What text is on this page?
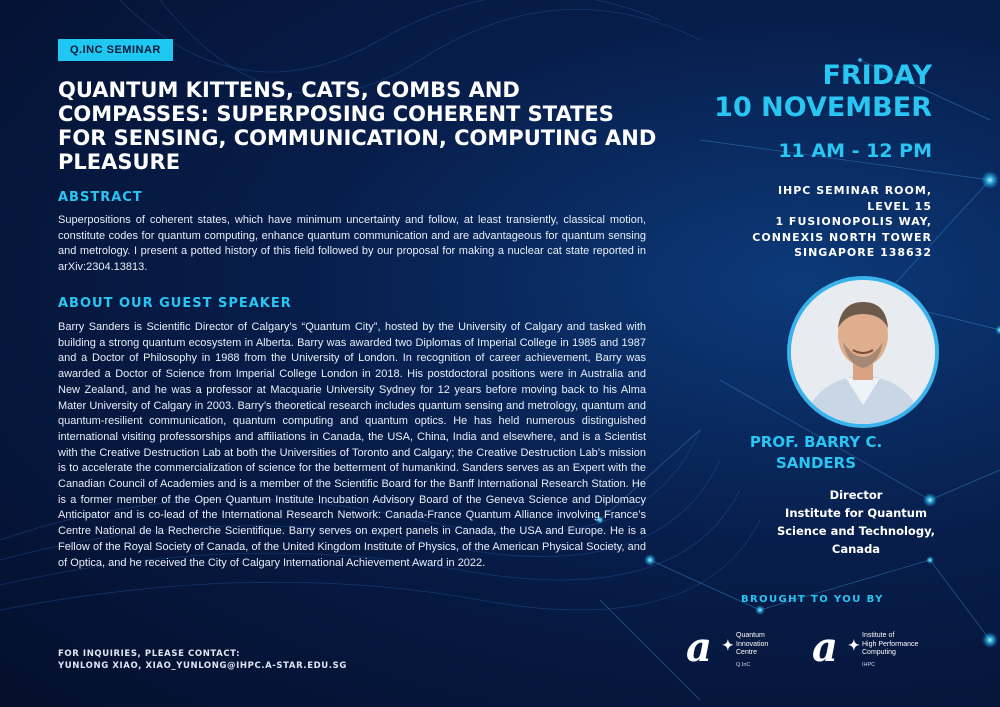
Q.INC SEMINAR
QUANTUM KITTENS, CATS, COMBS AND COMPASSES: SUPERPOSING COHERENT STATES FOR SENSING, COMMUNICATION, COMPUTING AND PLEASURE
ABSTRACT

Superpositions of coherent states, which have minimum uncertainty and follow, at least transiently, classical motion, constitute codes for quantum computing, enhance quantum communication and are advantageous for quantum sensing and metrology. I present a potted history of this field followed by our proposal for making a nuclear cat state reported in arXiv:2304.13813.

ABOUT OUR GUEST SPEAKER

Barry Sanders is Scientific Director of Calgary’s “Quantum City”, hosted by the University of Calgary and tasked with building a strong quantum ecosystem in Alberta. Barry was awarded two Diplomas of Imperial College in 1985 and 1987 and a Doctor of Philosophy in 1988 from the University of London. In recognition of career achievement, Barry was awarded a Doctor of Science from Imperial College London in 2018. His postdoctoral positions were in Australia and New Zealand, and he was a professor at Macquarie University Sydney for 12 years before moving back to his Alma Mater University of Calgary in 2003. Barry’s theoretical research includes quantum sensing and metrology, quantum and quantum-resilient communication, quantum computing and quantum optics. He has held numerous distinguished international visiting professorships and affiliations in Canada, the USA, China, India and elsewhere, and is a Scientist with the Creative Destruction Lab at both the Universities of Toronto and Calgary; the Creative Destruction Lab’s mission is to accelerate the commercialization of science for the betterment of humankind. Sanders serves as an Expert with the Canadian Council of Academies and is a member of the Scientific Board for the Banff International Research Station. He is a former member of the Open Quantum Institute Incubation Advisory Board of the Geneva Science and Diplomacy Anticipator and is co-lead of the International Research Network: Canada-France Quantum Alliance involving France’s Centre National de la Recherche Scientifique. Barry serves on expert panels in Canada, the USA and Europe. He is a Fellow of the Royal Society of Canada, of the United Kingdom Institute of Physics, of the American Physical Society, and of Optica, and he received the City of Calgary International Achievement Award in 2022.

FOR INQUIRIES, PLEASE CONTACT:
YUNLONG XIAO, XIAO_YUNLONG@IHPC.A-STAR.EDU.SG
FRIDAY
10 NOVEMBER
11 AM - 12 PM
IHPC SEMINAR ROOM,
LEVEL 15
1 FUSIONOPOLIS WAY,
CONNEXIS NORTH TOWER
SINGAPORE 138632
PROF. BARRY C.
SANDERS
Director
Institute for Quantum
Science and Technology,
Canada
BROUGHT TO YOU BY
a ✦
Quantum
Innovation
Centre
Q.InC	a ✦
Institute of
High Performance
Computing
IHPC
